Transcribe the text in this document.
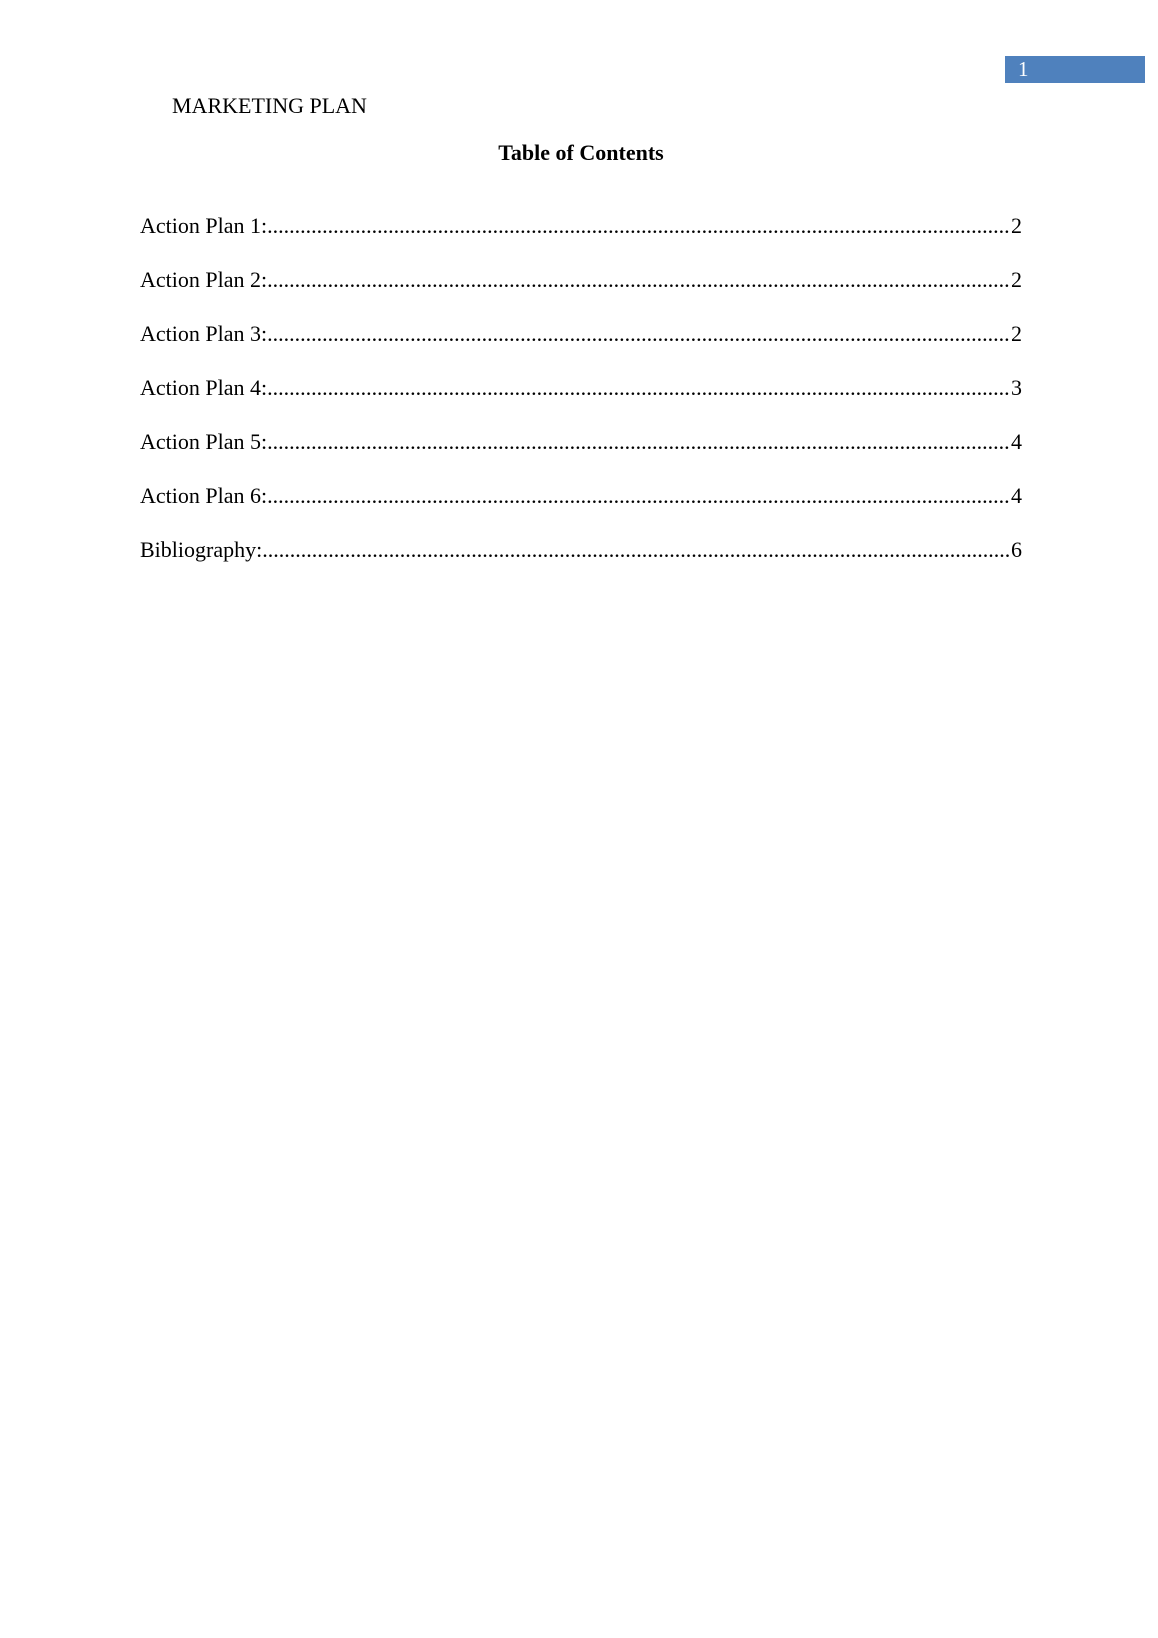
1
MARKETING PLAN
Table of Contents
Action Plan 1: .....	2
Action Plan 2: .....	2
Action Plan 3: .....	2
Action Plan 4: .....	3
Action Plan 5: .....	4
Action Plan 6: .....	4
Bibliography: .....	6
